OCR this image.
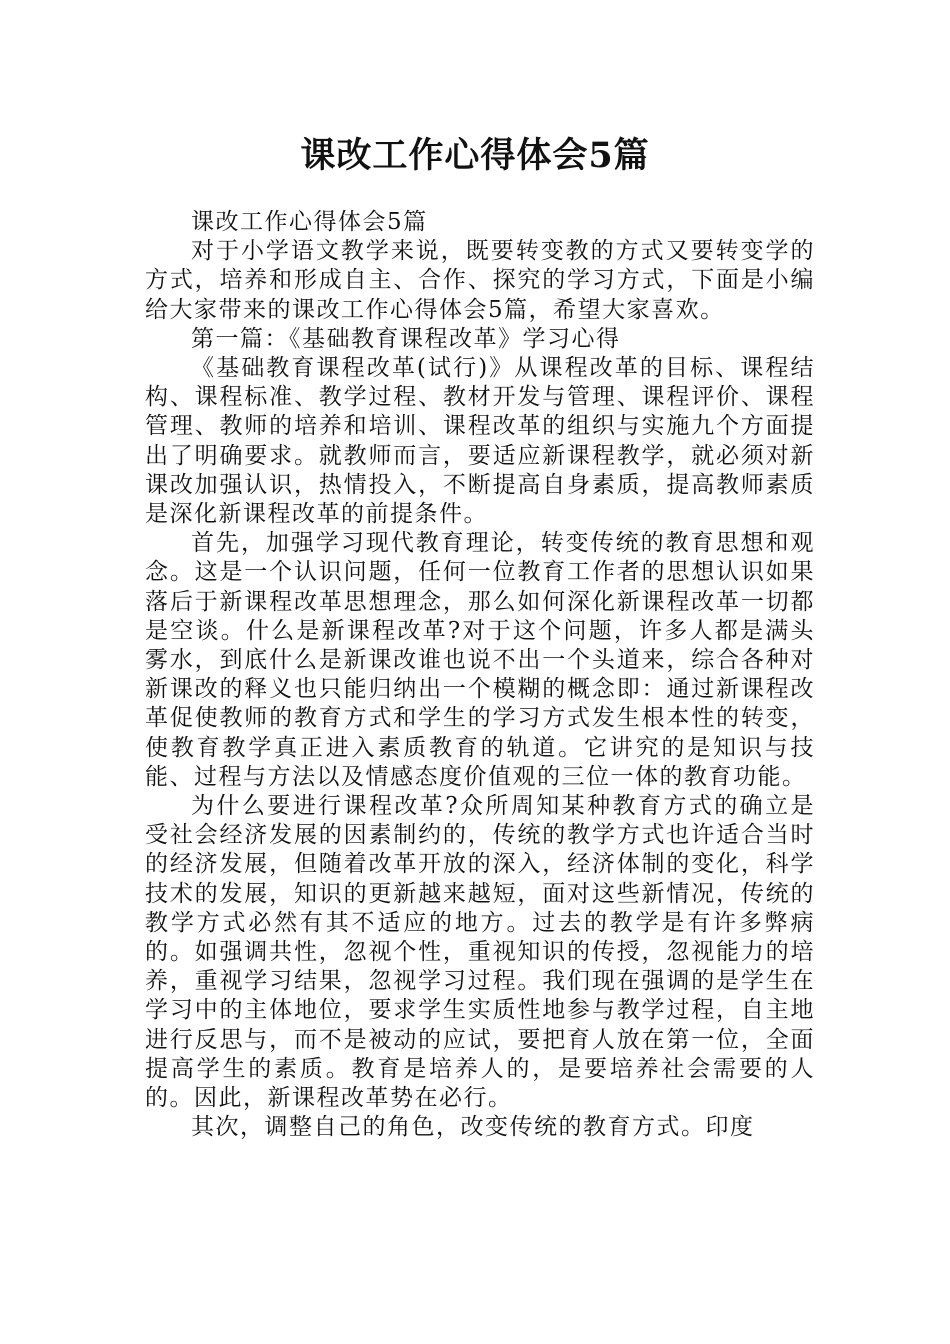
课改工作心得体会5篇

课改工作心得体会5篇

对于小学语文教学来说，既要转变教的方式又要转变学的方式，培养和形成自主、合作、探究的学习方式，下面是小编给大家带来的课改工作心得体会5篇，希望大家喜欢。

第一篇：《基础教育课程改革》学习心得

《基础教育课程改革(试行)》从课程改革的目标、课程结构、课程标准、教学过程、教材开发与管理、课程评价、课程管理、教师的培养和培训、课程改革的组织与实施九个方面提出了明确要求。就教师而言，要适应新课程教学，就必须对新课改加强认识，热情投入，不断提高自身素质，提高教师素质是深化新课程改革的前提条件。

首先，加强学习现代教育理论，转变传统的教育思想和观念。这是一个认识问题，任何一位教育工作者的思想认识如果落后于新课程改革思想理念，那么如何深化新课程改革一切都是空谈。什么是新课程改革?对于这个问题，许多人都是满头雾水，到底什么是新课改谁也说不出一个头道来，综合各种对新课改的释义也只能归纳出一个模糊的概念即：通过新课程改革促使教师的教育方式和学生的学习方式发生根本性的转变，使教育教学真正进入素质教育的轨道。它讲究的是知识与技能、过程与方法以及情感态度价值观的三位一体的教育功能。

为什么要进行课程改革?众所周知某种教育方式的确立是受社会经济发展的因素制约的，传统的教学方式也许适合当时的经济发展，但随着改革开放的深入，经济体制的变化，科学技术的发展，知识的更新越来越短，面对这些新情况，传统的教学方式必然有其不适应的地方。过去的教学是有许多弊病的。如强调共性，忽视个性，重视知识的传授，忽视能力的培养，重视学习结果，忽视学习过程。我们现在强调的是学生在学习中的主体地位，要求学生实质性地参与教学过程，自主地进行反思与，而不是被动的应试，要把育人放在第一位，全面提高学生的素质。教育是培养人的，是要培养社会需要的人的。因此，新课程改革势在必行。

其次，调整自己的角色，改变传统的教育方式。印度
